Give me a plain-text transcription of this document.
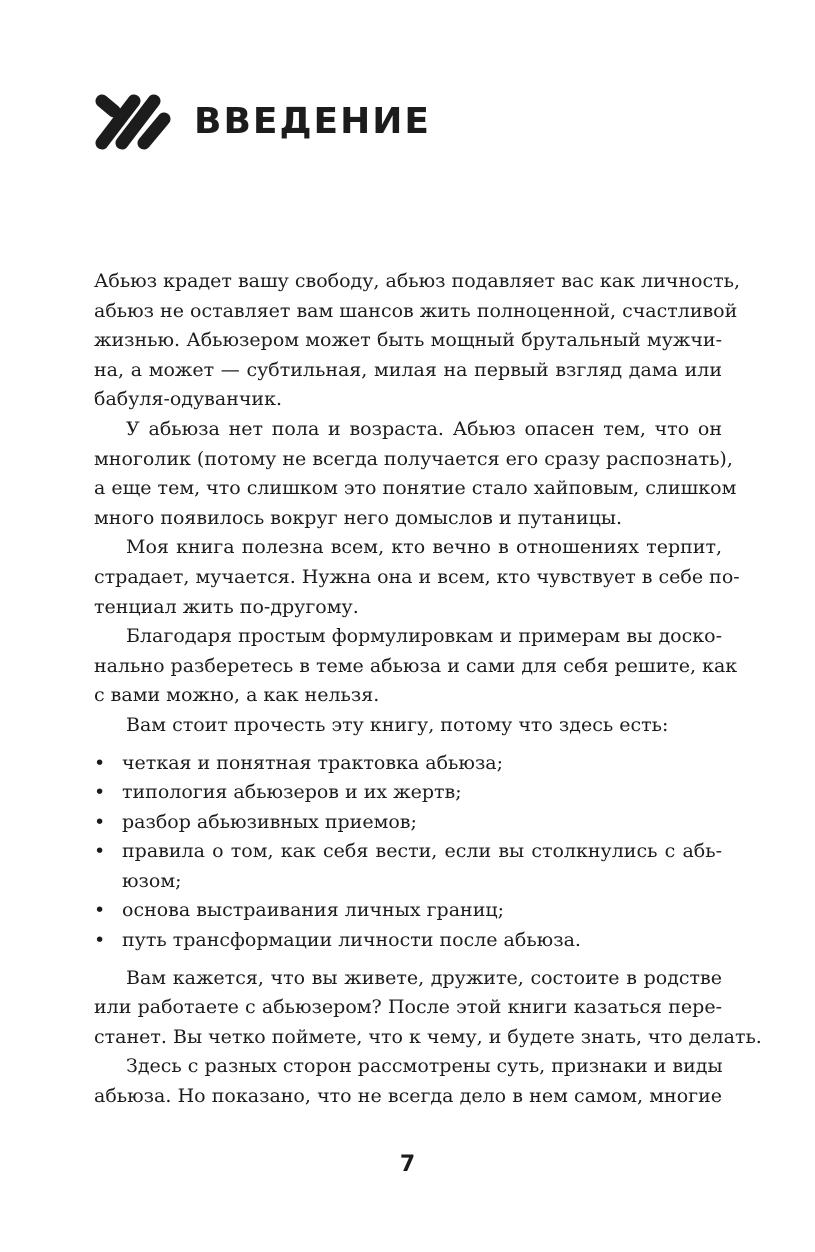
ВВЕДЕНИЕ
Абьюз крадет вашу свободу, абьюз подавляет вас как личность,
абьюз не оставляет вам шансов жить полноценной, счастливой
жизнью. Абьюзером может быть мощный брутальный мужчи-
на, а может — субтильная, милая на первый взгляд дама или
бабуля-одуванчик.
У абьюза нет пола и возраста. Абьюз опасен тем, что он
многолик (потому не всегда получается его сразу распознать),
а еще тем, что слишком это понятие стало хайповым, слишком
много появилось вокруг него домыслов и путаницы.
Моя книга полезна всем, кто вечно в отношениях терпит,
страдает, мучается. Нужна она и всем, кто чувствует в себе по-
тенциал жить по-другому.
Благодаря простым формулировкам и примерам вы доско-
нально разберетесь в теме абьюза и сами для себя решите, как
с вами можно, а как нельзя.
Вам стоит прочесть эту книгу, потому что здесь есть:
• четкая и понятная трактовка абьюза;
• типология абьюзеров и их жертв;
• разбор абьюзивных приемов;
• правила о том, как себя вести, если вы столкнулись с абь-
юзом;
• основа выстраивания личных границ;
• путь трансформации личности после абьюза.
Вам кажется, что вы живете, дружите, состоите в родстве
или работаете с абьюзером? После этой книги казаться пере-
станет. Вы четко поймете, что к чему, и будете знать, что делать.
Здесь с разных сторон рассмотрены суть, признаки и виды
абьюза. Но показано, что не всегда дело в нем самом, многие
7
